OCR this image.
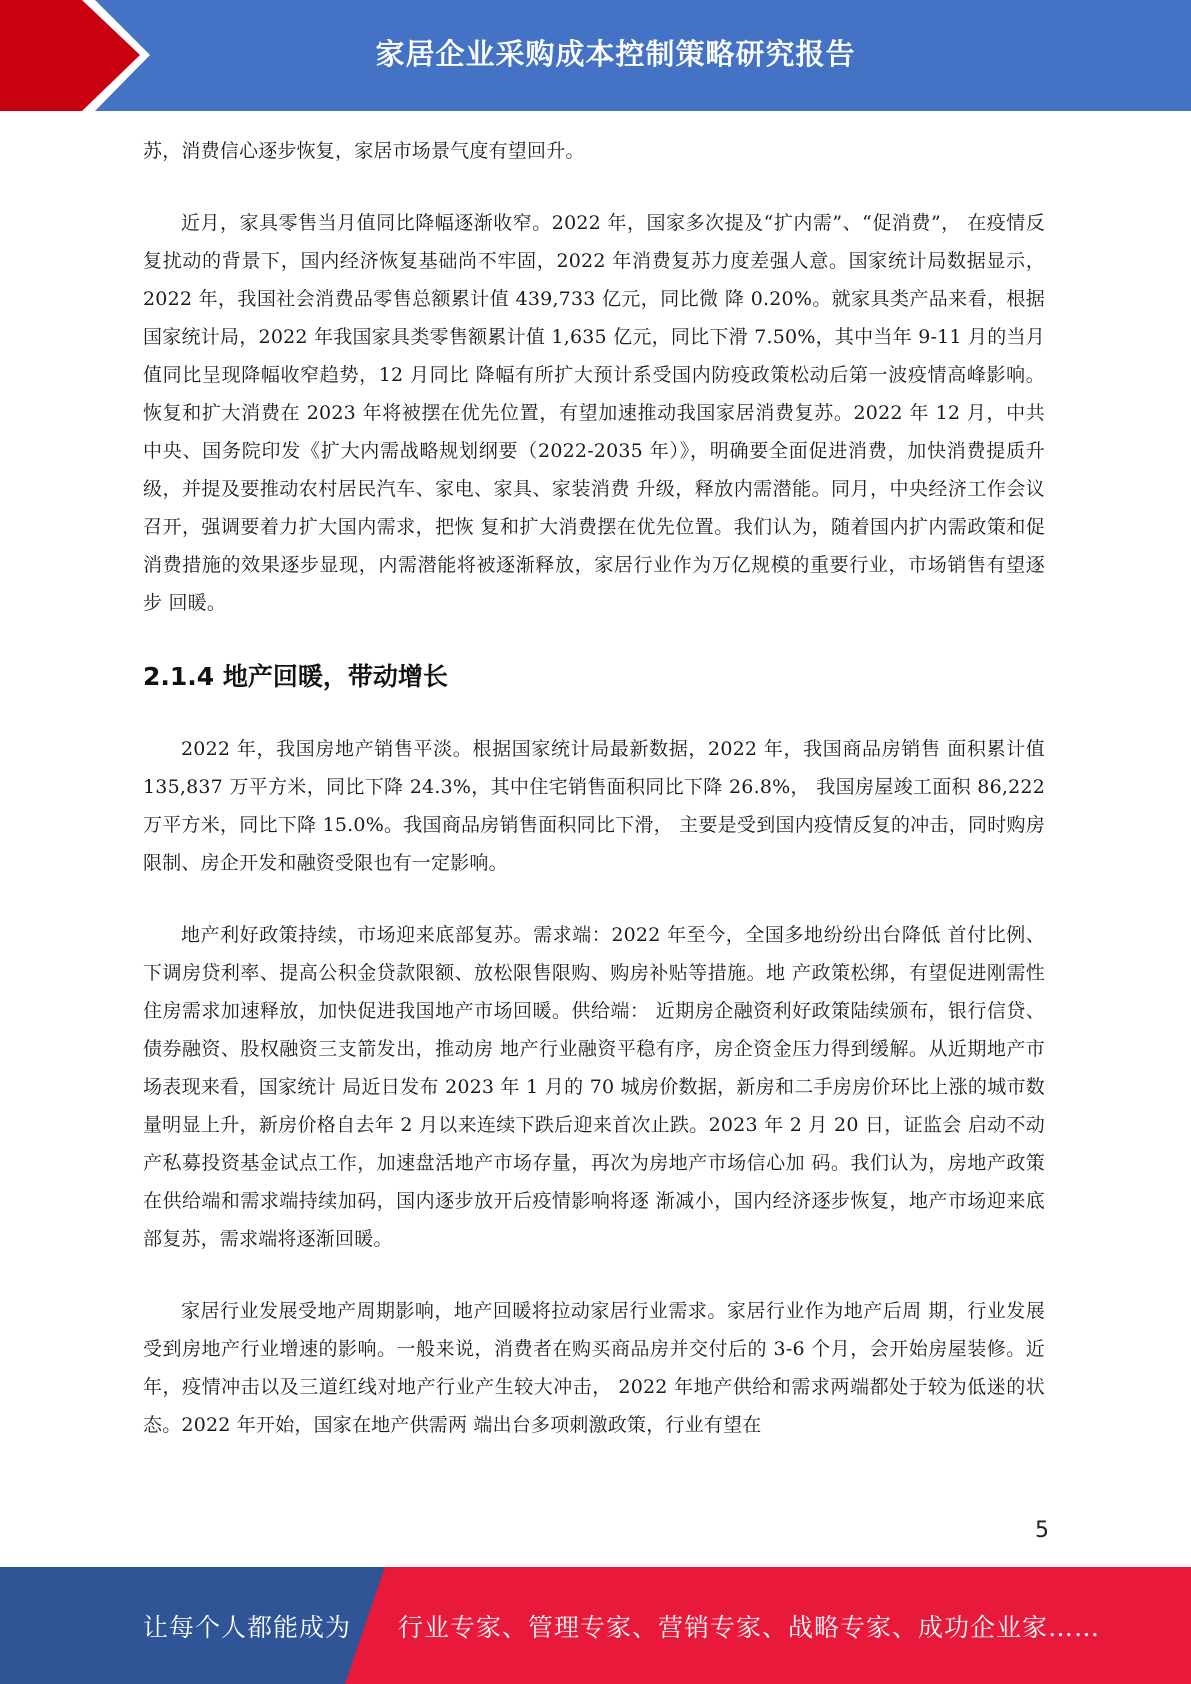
家居企业采购成本控制策略研究报告

苏，消费信心逐步恢复，家居市场景气度有望回升。

近月，家具零售当月值同比降幅逐渐收窄。2022 年，国家多次提及“扩内需”、“促消费”， 在疫情反复扰动的背景下，国内经济恢复基础尚不牢固，2022 年消费复苏力度差强人意。国家统计局数据显示，2022 年，我国社会消费品零售总额累计值 439,733 亿元，同比微 降 0.20%。就家具类产品来看，根据国家统计局，2022 年我国家具类零售额累计值 1,635 亿元，同比下滑 7.50%，其中当年 9-11 月的当月值同比呈现降幅收窄趋势，12 月同比 降幅有所扩大预计系受国内防疫政策松动后第一波疫情高峰影响。 恢复和扩大消费在 2023 年将被摆在优先位置，有望加速推动我国家居消费复苏。2022 年 12 月，中共中央、国务院印发《扩大内需战略规划纲要（2022-2035 年）》，明确要全面促进消费，加快消费提质升级，并提及要推动农村居民汽车、家电、家具、家装消费 升级，释放内需潜能。同月，中央经济工作会议召开，强调要着力扩大国内需求，把恢 复和扩大消费摆在优先位置。我们认为，随着国内扩内需政策和促消费措施的效果逐步显现，内需潜能将被逐渐释放，家居行业作为万亿规模的重要行业，市场销售有望逐步 回暖。

2.1.4 地产回暖，带动增长

2022 年，我国房地产销售平淡。根据国家统计局最新数据，2022 年，我国商品房销售 面积累计值 135,837 万平方米，同比下降 24.3%，其中住宅销售面积同比下降 26.8%， 我国房屋竣工面积 86,222 万平方米，同比下降 15.0%。我国商品房销售面积同比下滑， 主要是受到国内疫情反复的冲击，同时购房限制、房企开发和融资受限也有一定影响。

地产利好政策持续，市场迎来底部复苏。需求端：2022 年至今，全国多地纷纷出台降低 首付比例、下调房贷利率、提高公积金贷款限额、放松限售限购、购房补贴等措施。地 产政策松绑，有望促进刚需性住房需求加速释放，加快促进我国地产市场回暖。供给端： 近期房企融资利好政策陆续颁布，银行信贷、债券融资、股权融资三支箭发出，推动房 地产行业融资平稳有序，房企资金压力得到缓解。从近期地产市场表现来看，国家统计 局近日发布 2023 年 1 月的 70 城房价数据，新房和二手房房价环比上涨的城市数量明显上升，新房价格自去年 2 月以来连续下跌后迎来首次止跌。2023 年 2 月 20 日，证监会 启动不动产私募投资基金试点工作，加速盘活地产市场存量，再次为房地产市场信心加 码。我们认为，房地产政策在供给端和需求端持续加码，国内逐步放开后疫情影响将逐 渐减小，国内经济逐步恢复，地产市场迎来底部复苏，需求端将逐渐回暖。

家居行业发展受地产周期影响，地产回暖将拉动家居行业需求。家居行业作为地产后周 期，行业发展受到房地产行业增速的影响。一般来说，消费者在购买商品房并交付后的 3-6 个月，会开始房屋装修。近年，疫情冲击以及三道红线对地产行业产生较大冲击， 2022 年地产供给和需求两端都处于较为低迷的状态。2022 年开始，国家在地产供需两 端出台多项刺激政策，行业有望在

5
让每个人都能成为 行业专家、管理专家、营销专家、战略专家、成功企业家……
